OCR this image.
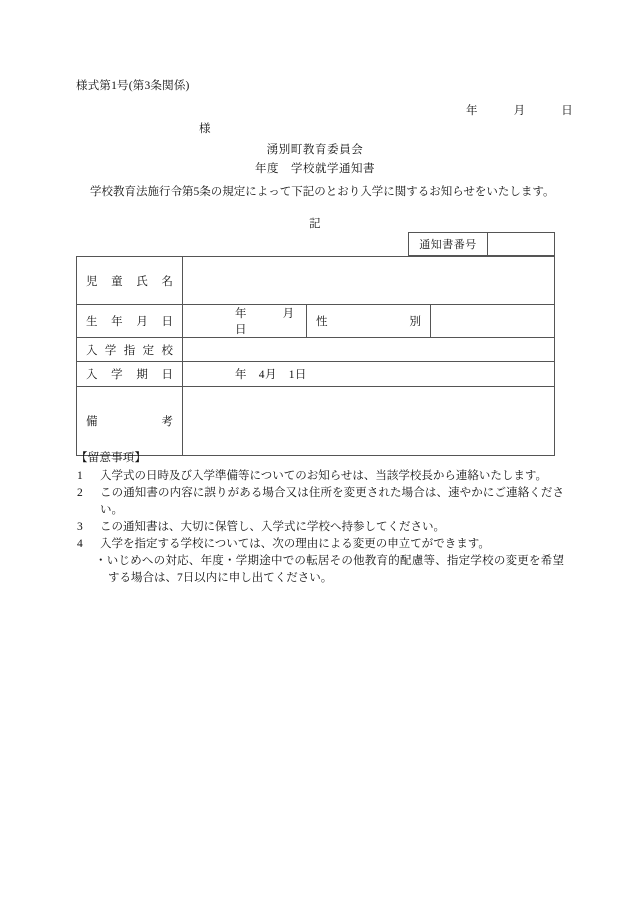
様式第1号(第3条関係)
年　　　月　　　日
様
湧別町教育委員会
年度　学校就学通知書
学校教育法施行令第5条の規定によって下記のとおり入学に関するお知らせをいたします。
記
通知書番号
児童氏名			

生年月日	年　　　月　　　日	性別	

入学指定校			

入学期日	年　4月　1日		

備考			

【留意事項】

1 入学式の日時及び入学準備等についてのお知らせは、当該学校長から連絡いたします。
2 この通知書の内容に誤りがある場合又は住所を変更された場合は、速やかにご連絡ください。
3 この通知書は、大切に保管し、入学式に学校へ持参してください。
4 入学を指定する学校については、次の理由による変更の申立てができます。
・いじめへの対応、年度・学期途中での転居その他教育的配慮等、指定学校の変更を希望する場合は、7日以内に申し出てください。
